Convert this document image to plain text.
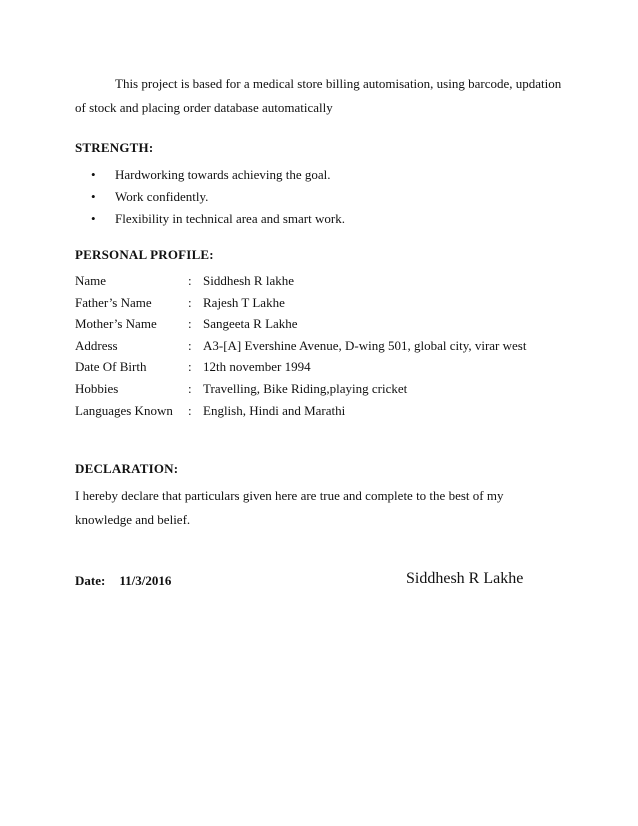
This project is based for a medical store billing automisation, using barcode, updation of stock and placing order database automatically

STRENGTH:
• Hardworking towards achieving the goal.
• Work confidently.
• Flexibility in technical area and smart work.
PERSONAL PROFILE:
Name	: Siddhesh R lakhe
Father’s Name	: Rajesh T Lakhe
Mother’s Name : Sangeeta R Lakhe
Address	: A3-[A] Evershine Avenue, D-wing 501, global city, virar west
Date Of Birth	: 12th november 1994
Hobbies	: Travelling, Bike Riding,playing cricket
Languages Known : English, Hindi and Marathi
DECLARATION:

I hereby declare that particulars given here are true and complete to the best of my knowledge and belief.

Date: 11/3/2016	Siddhesh R Lakhe
